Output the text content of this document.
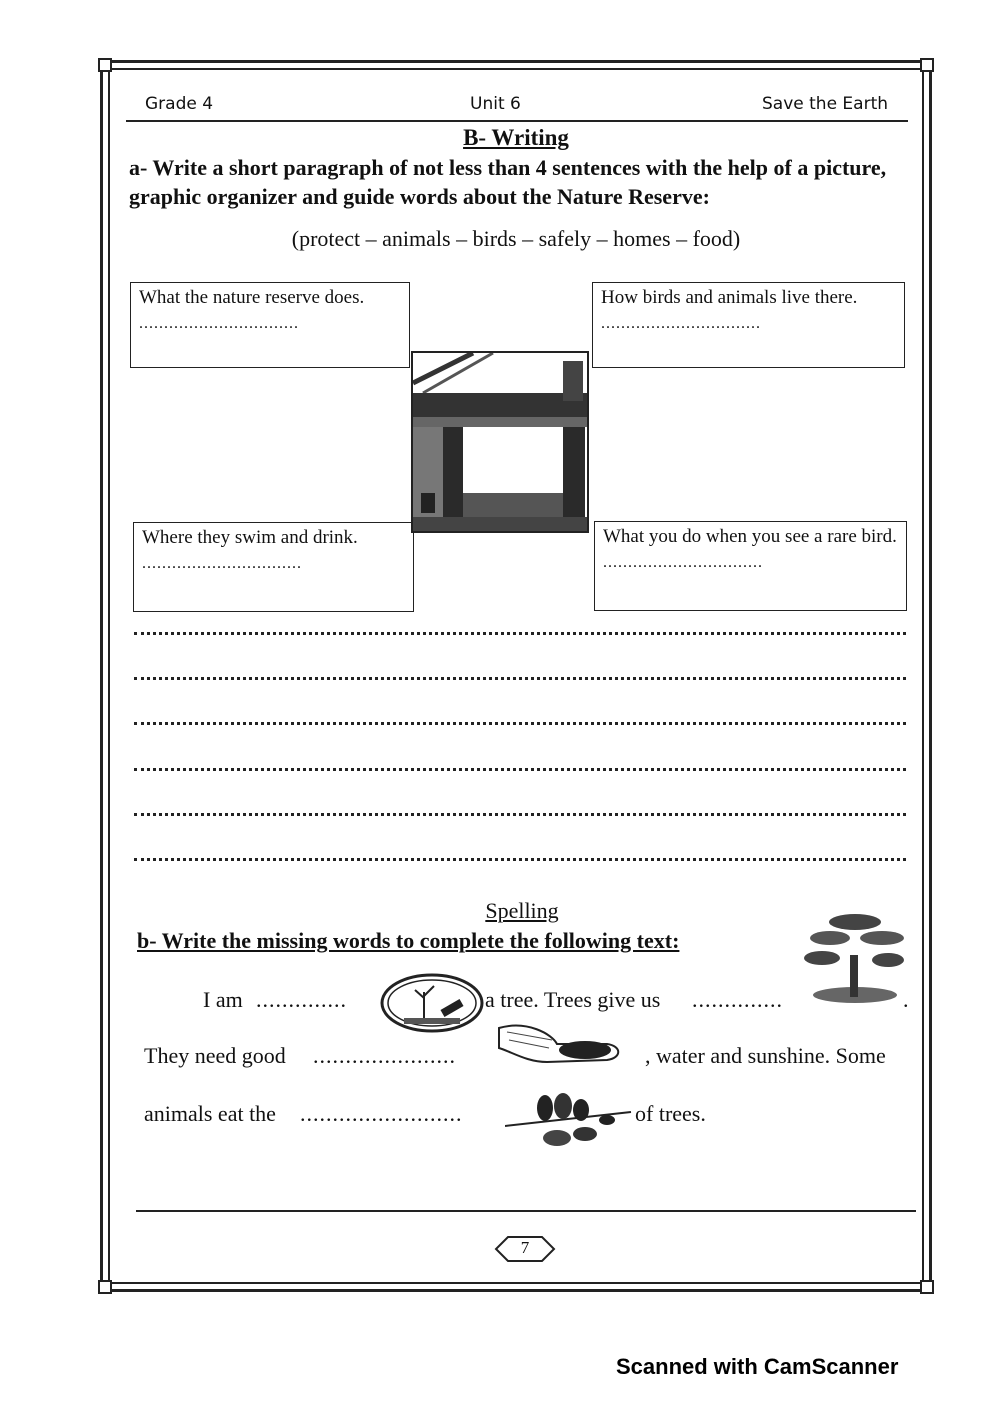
Grade 4	Unit 6	Save the Earth
B- Writing
a- Write a short paragraph of not less than 4 sentences with the help of a picture, graphic organizer and guide words about the Nature Reserve:
(protect – animals – birds – safely – homes – food)
What the nature reserve does.
................................
How birds and animals live there.
................................
Where they swim and drink.
................................
What you do when you see a rare bird.
................................
Spelling
b- Write the missing words to complete the following text:
I am ..............	a tree. Trees give us ..............	.
They need good ......................	, water and sunshine. Some
animals eat the .........................	of trees.
7
Scanned with CamScanner
